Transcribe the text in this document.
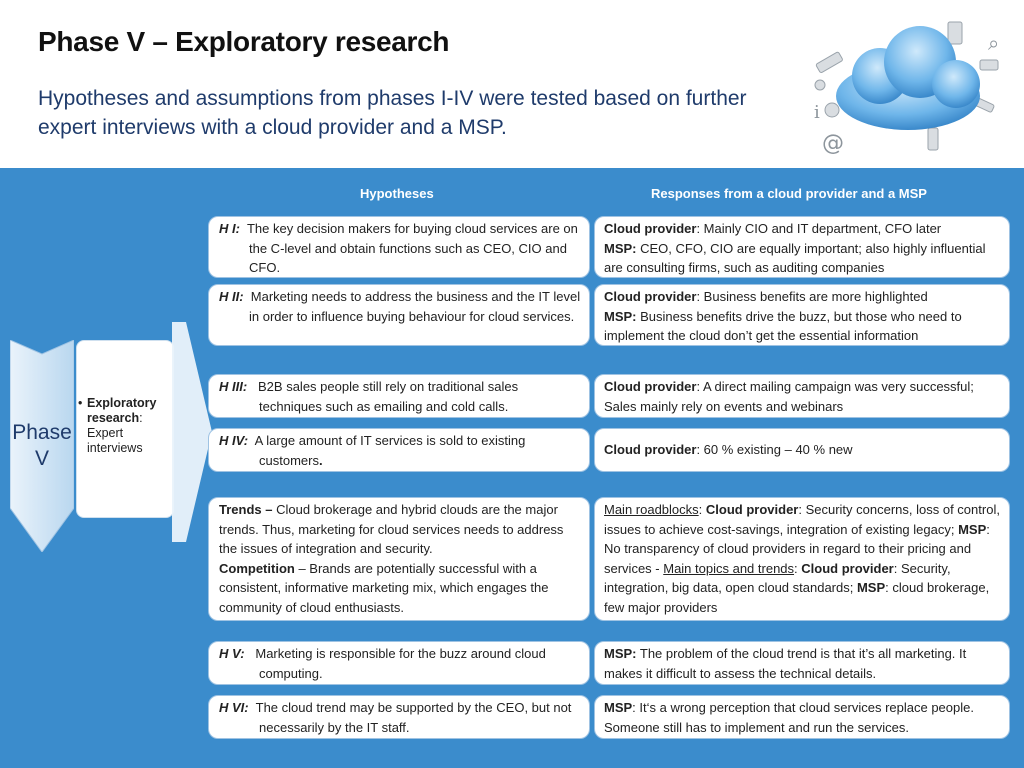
Phase V – Exploratory research
Hypotheses and assumptions from phases I-IV were tested based on further expert interviews with a cloud provider and a MSP.
i
@
⌕
Hypotheses	Responses from a cloud provider and a MSP
Phase
V
• Exploratory research:
Expert interviews
H I: The key decision makers for buying cloud services are on the C-level and obtain functions such as CEO, CIO and CFO.
Cloud provider: Mainly CIO and IT department, CFO later
MSP: CEO, CFO, CIO are equally important; also highly influential are consulting firms, such as auditing companies
H II: Marketing needs to address the business and the IT level in order to influence buying behaviour for cloud services.
Cloud provider: Business benefits are more highlighted
MSP: Business benefits drive the buzz, but those who need to implement the cloud don’t get the essential information
H III: B2B sales people still rely on traditional sales techniques such as emailing and cold calls.
Cloud provider: A direct mailing campaign was very successful; Sales mainly rely on events and webinars
H IV: A large amount of IT services is sold to existing customers.
Cloud provider: 60 % existing – 40 % new
Trends – Cloud brokerage and hybrid clouds are the major trends. Thus, marketing for cloud services needs to address the issues of integration and security.
Competition – Brands are potentially successful with a consistent, informative marketing mix, which engages the community of cloud enthusiasts.
Main roadblocks: Cloud provider: Security concerns, loss of control, issues to achieve cost-savings, integration of existing legacy; MSP: No transparency of cloud providers in regard to their pricing and services - Main topics and trends: Cloud provider: Security, integration, big data, open cloud standards; MSP: cloud brokerage, few major providers
H V: Marketing is responsible for the buzz around cloud computing.
MSP: The problem of the cloud trend is that it’s all marketing. It makes it difficult to assess the technical details.
H VI: The cloud trend may be supported by the CEO, but not necessarily by the IT staff.
MSP: It‘s a wrong perception that cloud services replace people. Someone still has to implement and run the services.
